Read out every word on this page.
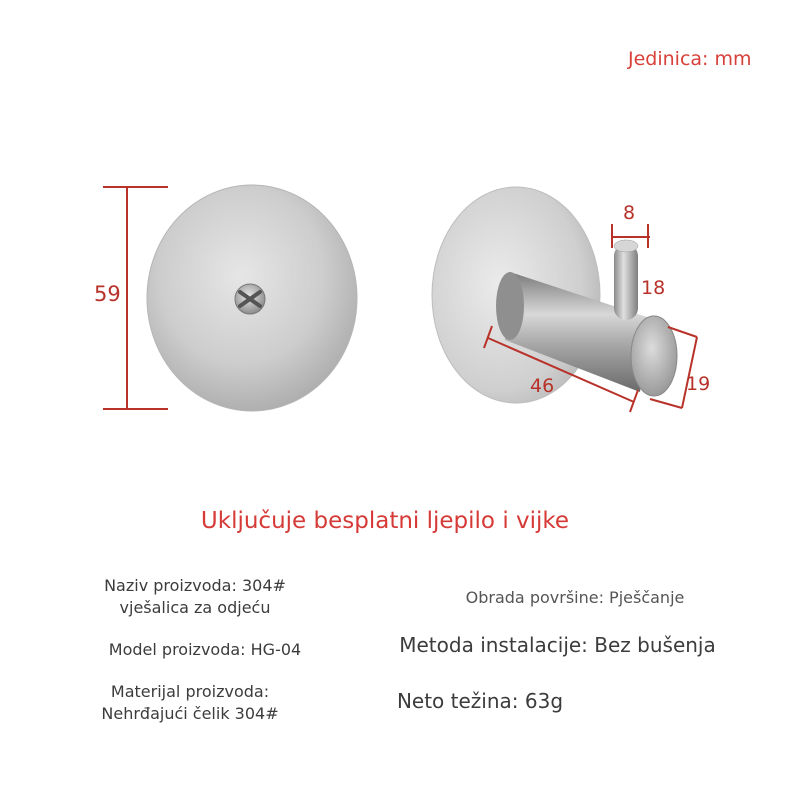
Jedinica: mm
59
8
18
46	19
Uključuje besplatni ljepilo i vijke
Naziv proizvoda: 304#
vješalica za odjeću
Model proizvoda: HG-04
Materijal proizvoda:
Nehrđajući čelik 304#
Obrada površine: Pješčanje
Metoda instalacije: Bez bušenja
Neto težina: 63g
